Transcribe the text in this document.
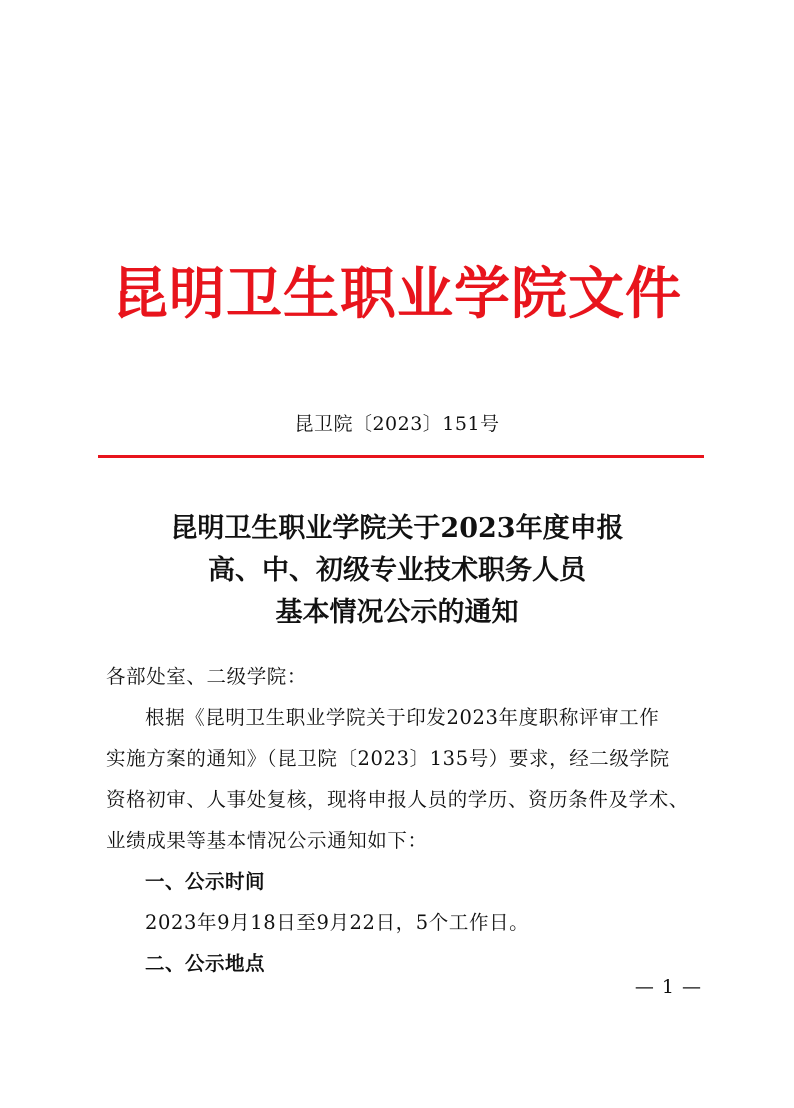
昆明卫生职业学院文件
昆卫院〔2023〕151号
昆明卫生职业学院关于2023年度申报
高、中、初级专业技术职务人员
基本情况公示的通知

各部处室、二级学院：

根据《昆明卫生职业学院关于印发2023年度职称评审工作

实施方案的通知》（昆卫院〔2023〕135号）要求，经二级学院

资格初审、人事处复核，现将申报人员的学历、资历条件及学术、

业绩成果等基本情况公示通知如下：

一、公示时间

2023年9月18日至9月22日，5个工作日。

二、公示地点

— 1 —
